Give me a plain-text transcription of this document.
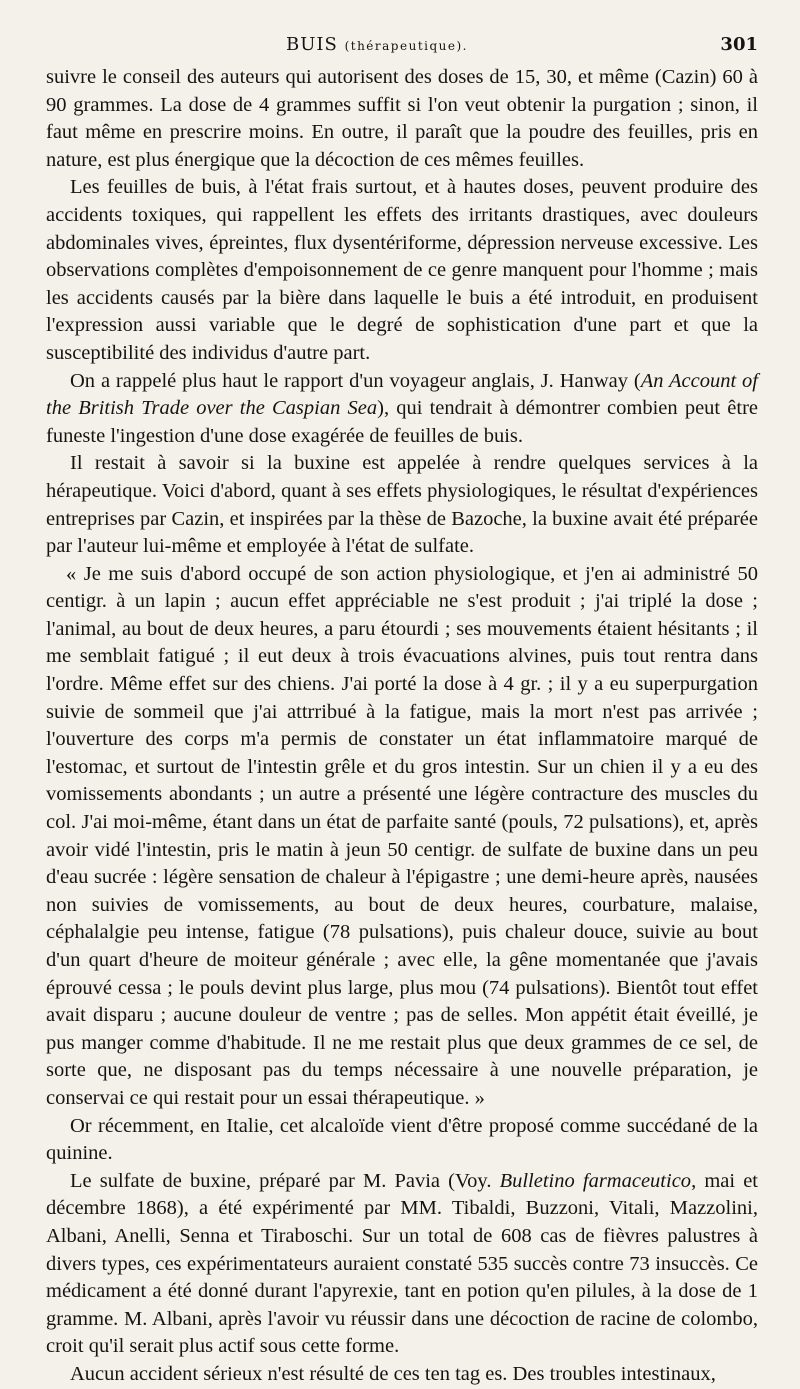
BUIS (thérapeutique).	301

suivre le conseil des auteurs qui autorisent des doses de 15, 30, et même (Cazin) 60 à 90 grammes. La dose de 4 grammes suffit si l'on veut obtenir la purgation ; sinon, il faut même en prescrire moins. En outre, il paraît que la poudre des feuilles, pris en nature, est plus énergique que la décoction de ces mêmes feuilles.

Les feuilles de buis, à l'état frais surtout, et à hautes doses, peuvent produire des accidents toxiques, qui rappellent les effets des irritants drastiques, avec douleurs abdominales vives, épreintes, flux dysentériforme, dépression nerveuse excessive. Les observations complètes d'empoisonnement de ce genre manquent pour l'homme ; mais les accidents causés par la bière dans laquelle le buis a été introduit, en produisent l'expression aussi variable que le degré de sophistication d'une part et que la susceptibilité des individus d'autre part.

On a rappelé plus haut le rapport d'un voyageur anglais, J. Hanway (An Account of the British Trade over the Caspian Sea), qui tendrait à démontrer combien peut être funeste l'ingestion d'une dose exagérée de feuilles de buis.

Il restait à savoir si la buxine est appelée à rendre quelques services à la hérapeutique. Voici d'abord, quant à ses effets physiologiques, le résultat d'expériences entreprises par Cazin, et inspirées par la thèse de Bazoche, la buxine avait été préparée par l'auteur lui-même et employée à l'état de sulfate.

« Je me suis d'abord occupé de son action physiologique, et j'en ai administré 50 centigr. à un lapin ; aucun effet appréciable ne s'est produit ; j'ai triplé la dose ; l'animal, au bout de deux heures, a paru étourdi ; ses mouvements étaient hésitants ; il me semblait fatigué ; il eut deux à trois évacuations alvines, puis tout rentra dans l'ordre. Même effet sur des chiens. J'ai porté la dose à 4 gr. ; il y a eu superpurgation suivie de sommeil que j'ai attrribué à la fatigue, mais la mort n'est pas arrivée ; l'ouverture des corps m'a permis de constater un état inflammatoire marqué de l'estomac, et surtout de l'intestin grêle et du gros intestin. Sur un chien il y a eu des vomissements abondants ; un autre a présenté une légère contracture des muscles du col. J'ai moi-même, étant dans un état de parfaite santé (pouls, 72 pulsations), et, après avoir vidé l'intestin, pris le matin à jeun 50 centigr. de sulfate de buxine dans un peu d'eau sucrée : légère sensation de chaleur à l'épigastre ; une demi-heure après, nausées non suivies de vomissements, au bout de deux heures, courbature, malaise, céphalalgie peu intense, fatigue (78 pulsations), puis chaleur douce, suivie au bout d'un quart d'heure de moiteur générale ; avec elle, la gêne momentanée que j'avais éprouvé cessa ; le pouls devint plus large, plus mou (74 pulsations). Bientôt tout effet avait disparu ; aucune douleur de ventre ; pas de selles. Mon appétit était éveillé, je pus manger comme d'habitude. Il ne me restait plus que deux grammes de ce sel, de sorte que, ne disposant pas du temps nécessaire à une nouvelle préparation, je conservai ce qui restait pour un essai thérapeutique. »

Or récemment, en Italie, cet alcaloïde vient d'être proposé comme succédané de la quinine.

Le sulfate de buxine, préparé par M. Pavia (Voy. Bulletino farmaceutico, mai et décembre 1868), a été expérimenté par MM. Tibaldi, Buzzoni, Vitali, Mazzolini, Albani, Anelli, Senna et Tiraboschi. Sur un total de 608 cas de fièvres palustres à divers types, ces expérimentateurs auraient constaté 535 succès contre 73 insuccès. Ce médicament a été donné durant l'apyrexie, tant en potion qu'en pilules, à la dose de 1 gramme. M. Albani, après l'avoir vu réussir dans une décoction de racine de colombo, croit qu'il serait plus actif sous cette forme.

Aucun accident sérieux n'est résulté de ces ten tag es. Des troubles intestinaux,
